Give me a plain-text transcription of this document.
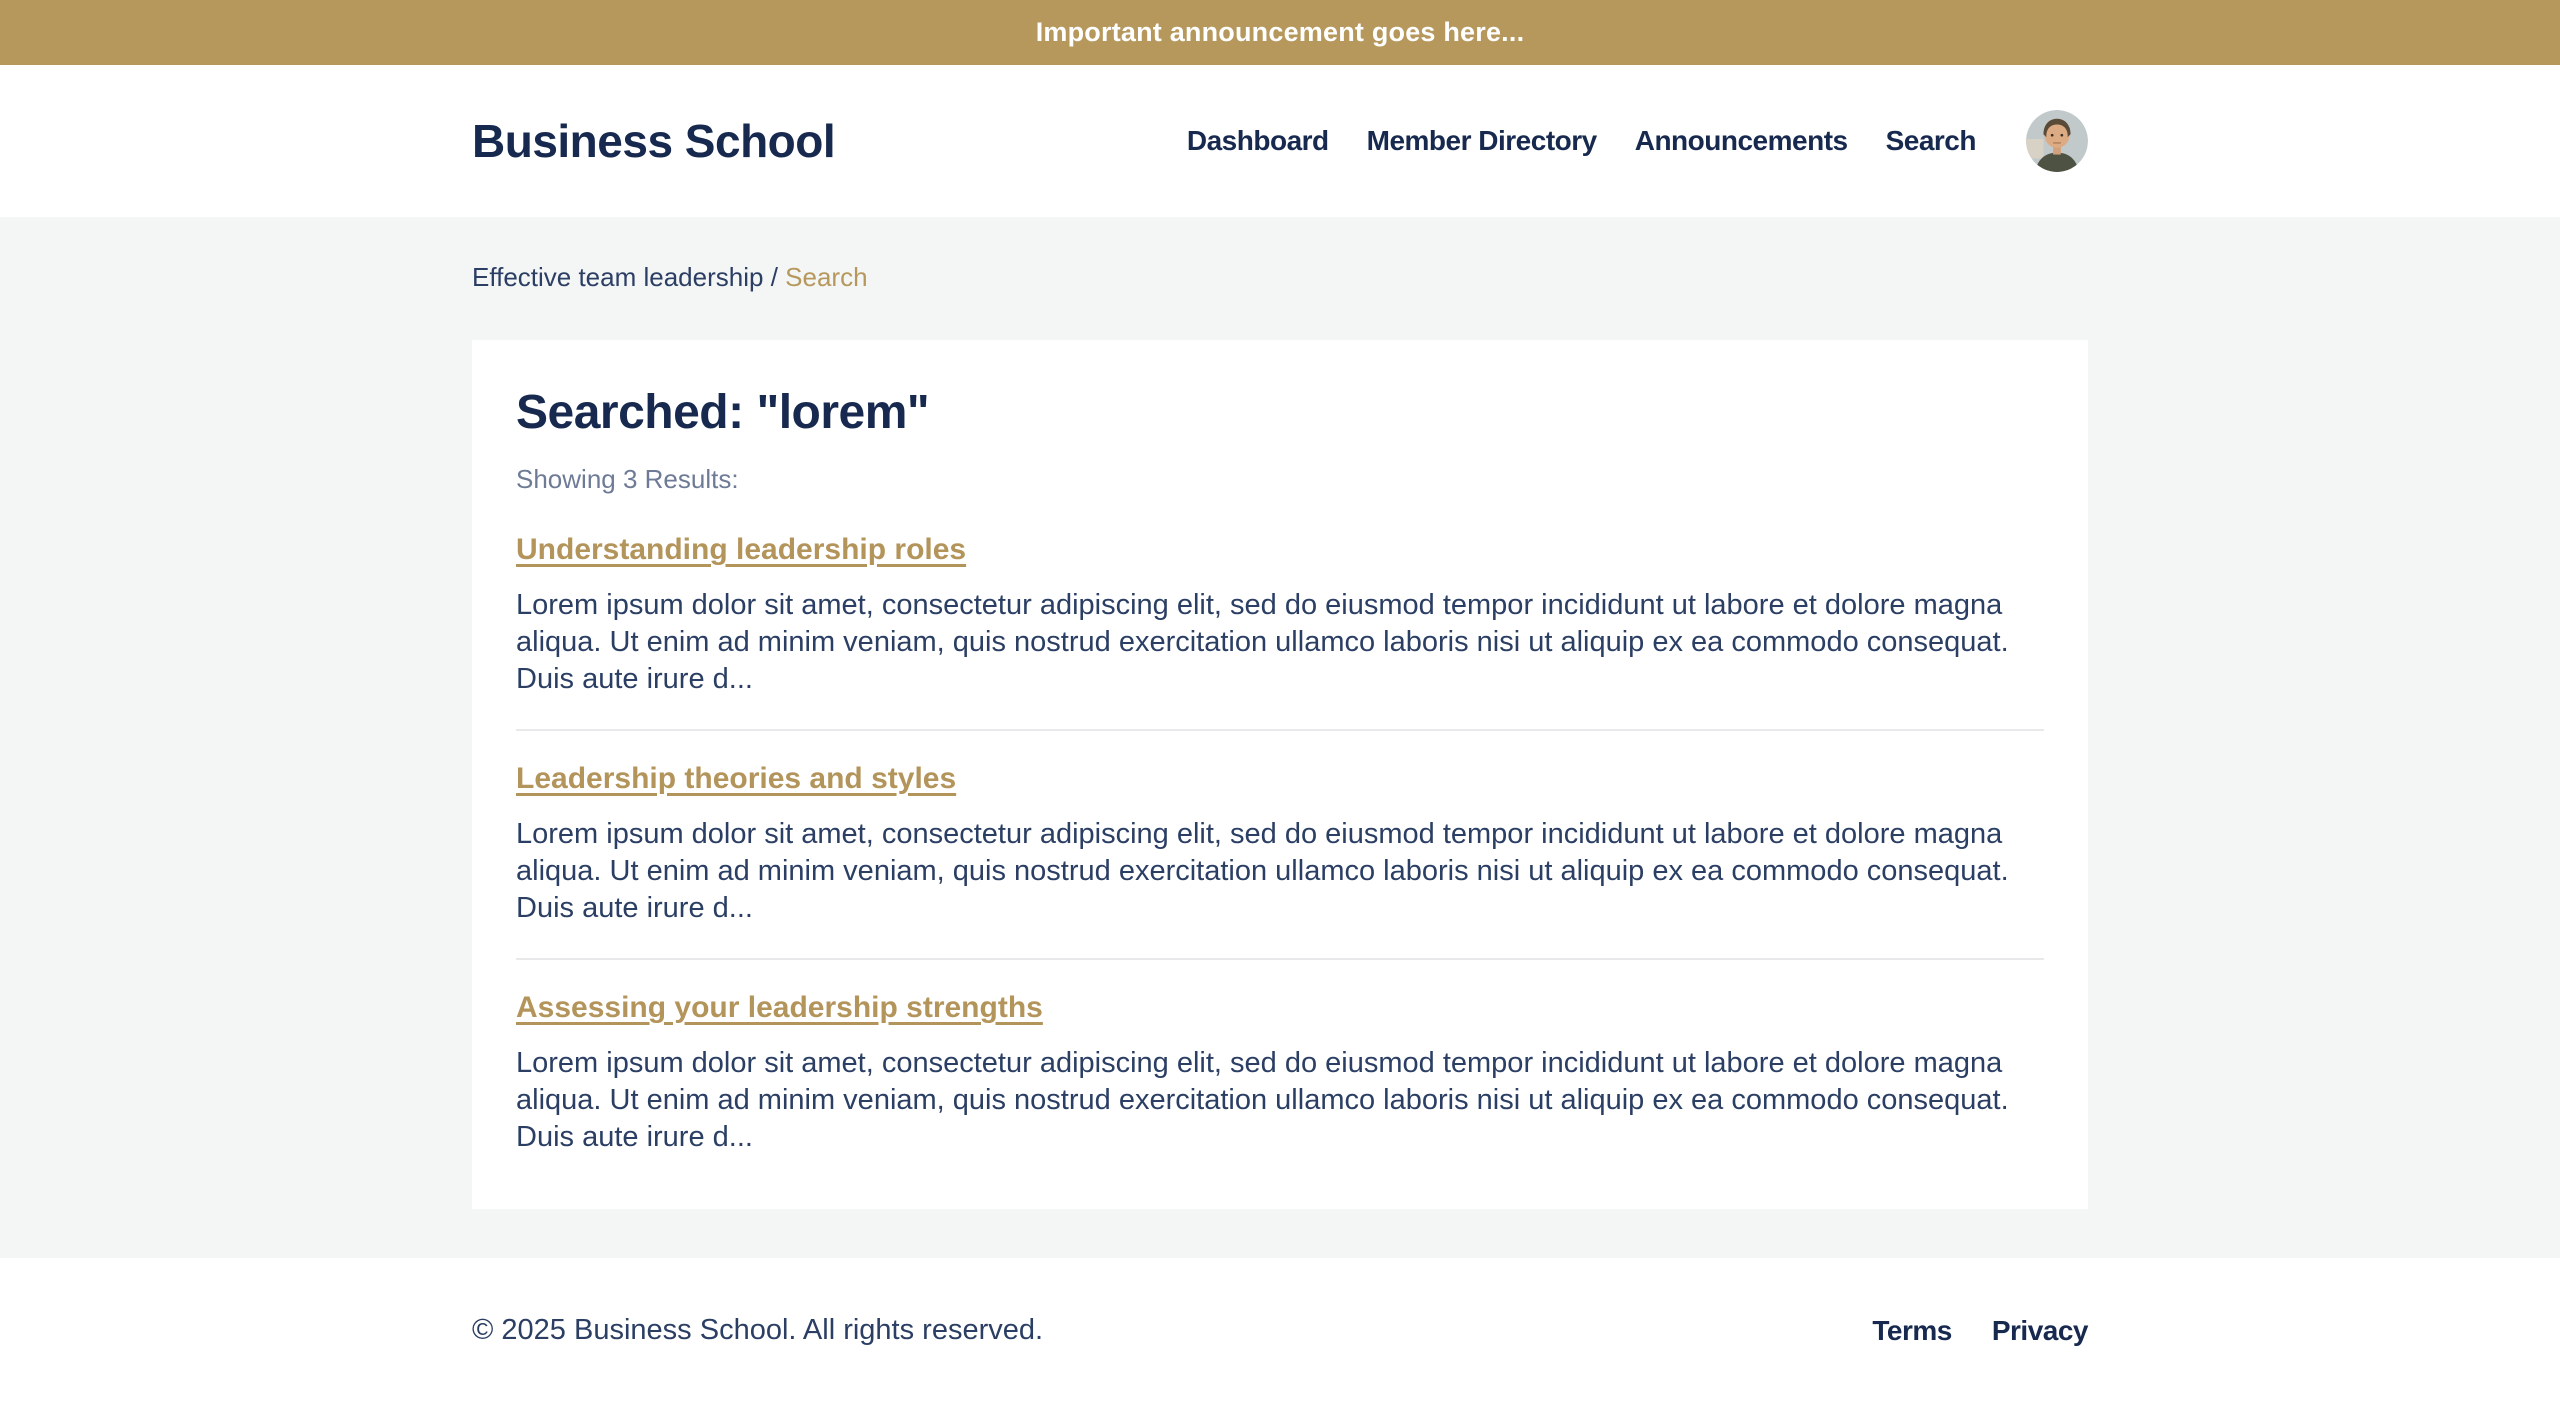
Important announcement goes here...
Business School	Dashboard Member Directory Announcements Search
Effective team leadership / Search
Searched: "lorem"
Showing 3 Results:
Understanding leadership roles

Lorem ipsum dolor sit amet, consectetur adipiscing elit, sed do eiusmod tempor incididunt ut labore et dolore magna aliqua. Ut enim ad minim veniam, quis nostrud exercitation ullamco laboris nisi ut aliquip ex ea commodo consequat. Duis aute irure d...

Leadership theories and styles

Lorem ipsum dolor sit amet, consectetur adipiscing elit, sed do eiusmod tempor incididunt ut labore et dolore magna aliqua. Ut enim ad minim veniam, quis nostrud exercitation ullamco laboris nisi ut aliquip ex ea commodo consequat. Duis aute irure d...

Assessing your leadership strengths

Lorem ipsum dolor sit amet, consectetur adipiscing elit, sed do eiusmod tempor incididunt ut labore et dolore magna aliqua. Ut enim ad minim veniam, quis nostrud exercitation ullamco laboris nisi ut aliquip ex ea commodo consequat. Duis aute irure d...

© 2025 Business School. All rights reserved.	Terms Privacy
